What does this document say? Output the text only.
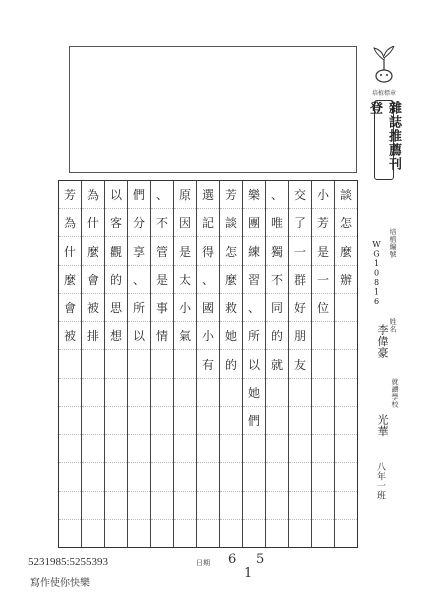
培植標章
雜誌推薦刊登
培植編號
WG10816
姓名
李偉豪
就讀學校
光華
八年一班
談
怎
麼
辦
小
芳
是
一
位
交
了
一
群
好
朋
友
、
唯
獨
不
同
的
就
樂
團
練
習
、
所
以
她
們
芳
談
怎
麼
救
她
的
選
記
得
、
國
小
有
原
因
是
太
小
氣
、
不
管
是
事
情
們
分
享
、
所
以
以
客
觀
的
思
想
為
什
麼
會
被
排
芳
為
什
麼
會
被
5231985:5255393
寫作使你快樂
日期 6 5
1
